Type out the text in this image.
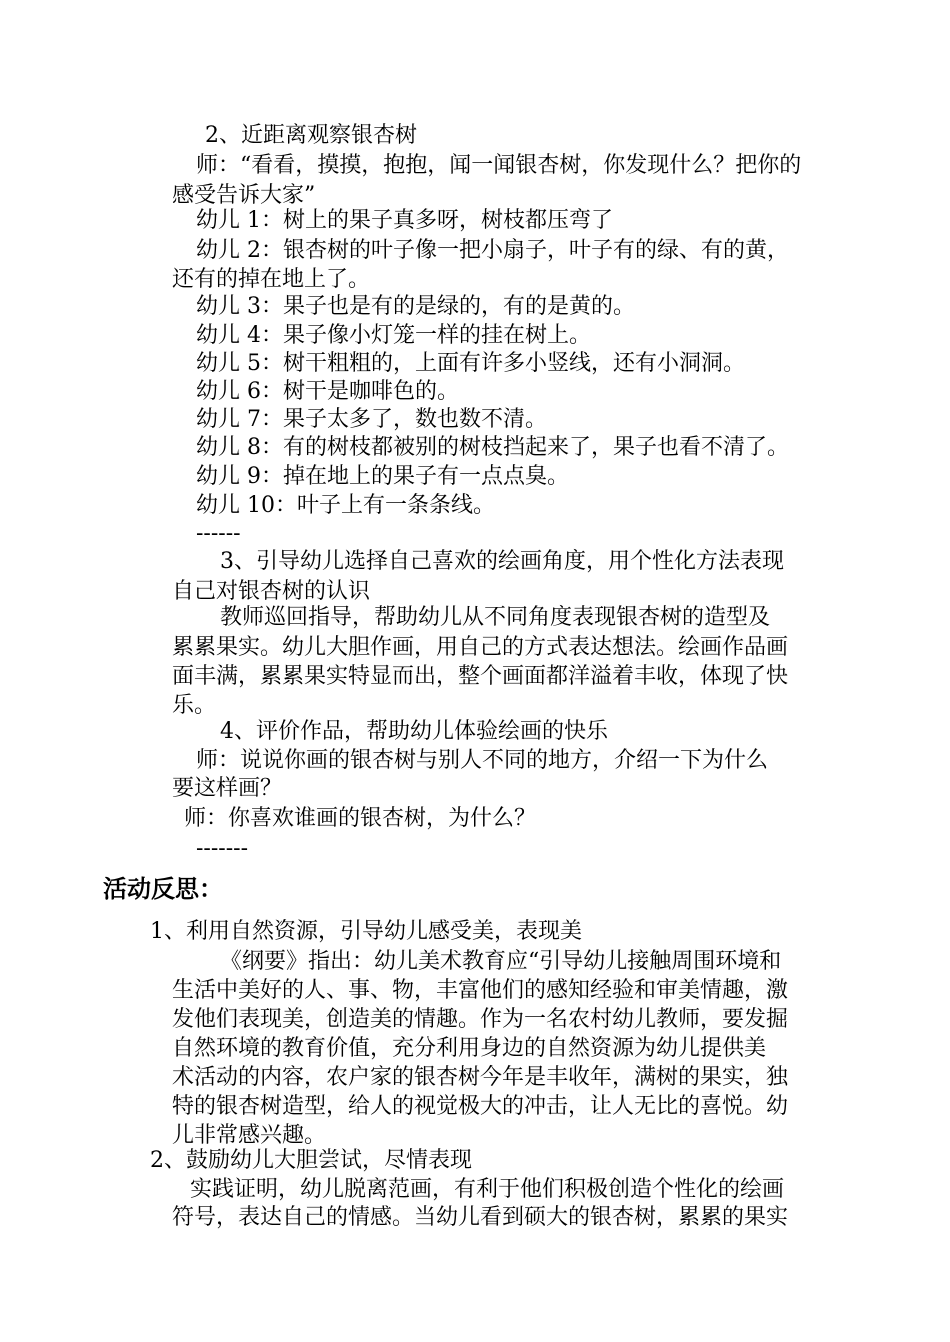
2、近距离观察银杏树
师：“看看，摸摸，抱抱，闻一闻银杏树，你发现什么？把你的
感受告诉大家”
幼儿 1：树上的果子真多呀，树枝都压弯了
幼儿 2：银杏树的叶子像一把小扇子，叶子有的绿、有的黄，
还有的掉在地上了。
幼儿 3：果子也是有的是绿的，有的是黄的。
幼儿 4：果子像小灯笼一样的挂在树上。
幼儿 5：树干粗粗的，上面有许多小竖线，还有小洞洞。
幼儿 6：树干是咖啡色的。
幼儿 7：果子太多了，数也数不清。
幼儿 8：有的树枝都被别的树枝挡起来了，果子也看不清了。
幼儿 9：掉在地上的果子有一点点臭。
幼儿 10：叶子上有一条条线。
------
3、引导幼儿选择自己喜欢的绘画角度，用个性化方法表现
自己对银杏树的认识
教师巡回指导，帮助幼儿从不同角度表现银杏树的造型及
累累果实。幼儿大胆作画，用自己的方式表达想法。绘画作品画
面丰满，累累果实特显而出，整个画面都洋溢着丰收，体现了快
乐。
4、评价作品，帮助幼儿体验绘画的快乐
师：说说你画的银杏树与别人不同的地方，介绍一下为什么
要这样画？
师：你喜欢谁画的银杏树，为什么？
-------
活动反思：
1、利用自然资源，引导幼儿感受美，表现美
《纲要》指出：幼儿美术教育应“引导幼儿接触周围环境和
生活中美好的人、事、物，丰富他们的感知经验和审美情趣，激
发他们表现美，创造美的情趣。作为一名农村幼儿教师，要发掘
自然环境的教育价值，充分利用身边的自然资源为幼儿提供美
术活动的内容，农户家的银杏树今年是丰收年，满树的果实，独
特的银杏树造型，给人的视觉极大的冲击，让人无比的喜悦。幼
儿非常感兴趣。
2、鼓励幼儿大胆尝试，尽情表现
实践证明，幼儿脱离范画，有利于他们积极创造个性化的绘画
符号，表达自己的情感。当幼儿看到硕大的银杏树，累累的果实
